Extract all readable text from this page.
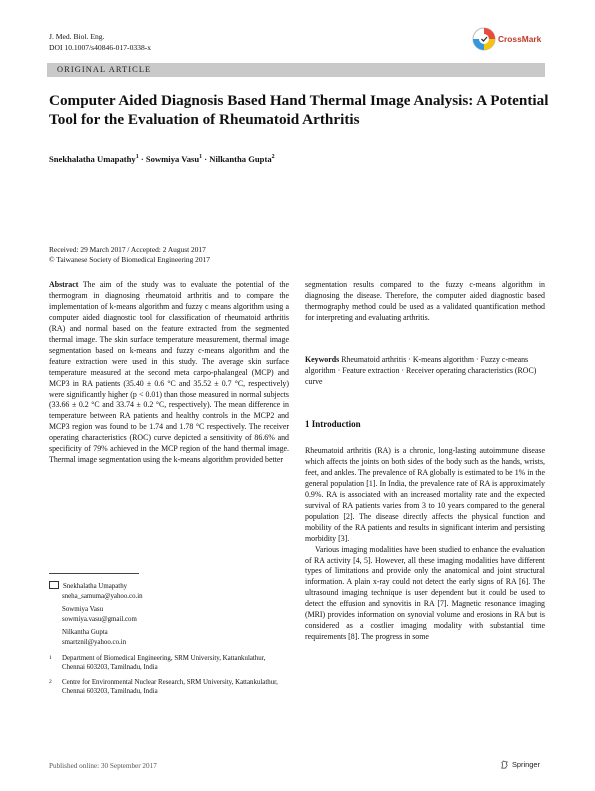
J. Med. Biol. Eng.
DOI 10.1007/s40846-017-0338-x
CrossMark
ORIGINAL ARTICLE
Computer Aided Diagnosis Based Hand Thermal Image Analysis: A Potential Tool for the Evaluation of Rheumatoid Arthritis
Snekhalatha Umapathy$^1$ · Sowmiya Vasu$^1$ · Nilkantha Gupta$^2$
Received: 29 March 2017 / Accepted: 2 August 2017
© Taiwanese Society of Biomedical Engineering 2017
Abstract The aim of the study was to evaluate the potential of the thermogram in diagnosing rheumatoid arthritis and to compare the implementation of k-means algorithm and fuzzy c means algorithm using a computer aided diagnostic tool for classification of rheumatoid arthritis (RA) and normal based on the feature extracted from the segmented thermal image. The skin surface temperature measurement, thermal image segmentation based on k-means and fuzzy c-means algorithm and the feature extraction were used in this study. The average skin surface temperature measured at the second meta carpo-phalangeal (MCP) and MCP3 in RA patients (35.40 ± 0.6 °C and 35.52 ± 0.7 °C, respectively) were significantly higher (p < 0.01) than those measured in normal subjects (33.66 ± 0.2 °C and 33.74 ± 0.2 °C, respectively). The mean difference in temperature between RA patients and healthy controls in the MCP2 and MCP3 region was found to be 1.74 and 1.78 °C respectively. The receiver operating characteristics (ROC) curve depicted a sensitivity of 86.6% and specificity of 79% achieved in the MCP region of the hand thermal image. Thermal image segmentation using the k-means algorithm provided better
Snekhalatha Umapathy
sneha_samuma@yahoo.co.in
Sowmiya Vasu
sowmiya.vasu@gmail.com
Nilkantha Gupta
smartznil@yahoo.co.in
1 Department of Biomedical Engineering, SRM University, Kattankulathur, Chennai 603203, Tamilnadu, India
2 Centre for Environmental Nuclear Research, SRM University, Kattankulathur, Chennai 603203, Tamilnadu, India
Published online: 30 September 2017	Springer
segmentation results compared to the fuzzy c-means algorithm in diagnosing the disease. Therefore, the computer aided diagnostic based thermography method could be used as a validated quantification method for interpreting and evaluating arthritis.
Keywords Rheumatoid arthritis · K-means algorithm · Fuzzy c-means algorithm · Feature extraction · Receiver operating characteristics (ROC) curve
1 Introduction

Rheumatoid arthritis (RA) is a chronic, long-lasting autoimmune disease which affects the joints on both sides of the body such as the hands, wrists, feet, and ankles. The prevalence of RA globally is estimated to be 1% in the general population [1]. In India, the prevalence rate of RA is approximately 0.9%. RA is associated with an increased mortality rate and the expected survival of RA patients varies from 3 to 10 years compared to the general population [2]. The disease directly affects the physical function and mobility of the RA patients and results in significant interim and persisting morbidity [3].

Various imaging modalities have been studied to enhance the evaluation of RA activity [4, 5]. However, all these imaging modalities have different types of limitations and provide only the anatomical and joint structural information. A plain x-ray could not detect the early signs of RA [6]. The ultrasound imaging technique is user dependent but it could be used to detect the effusion and synovitis in RA [7]. Magnetic resonance imaging (MRI) provides information on synovial volume and erosions in RA but is considered as a costlier imaging modality with substantial time requirements [8]. The progress in some
